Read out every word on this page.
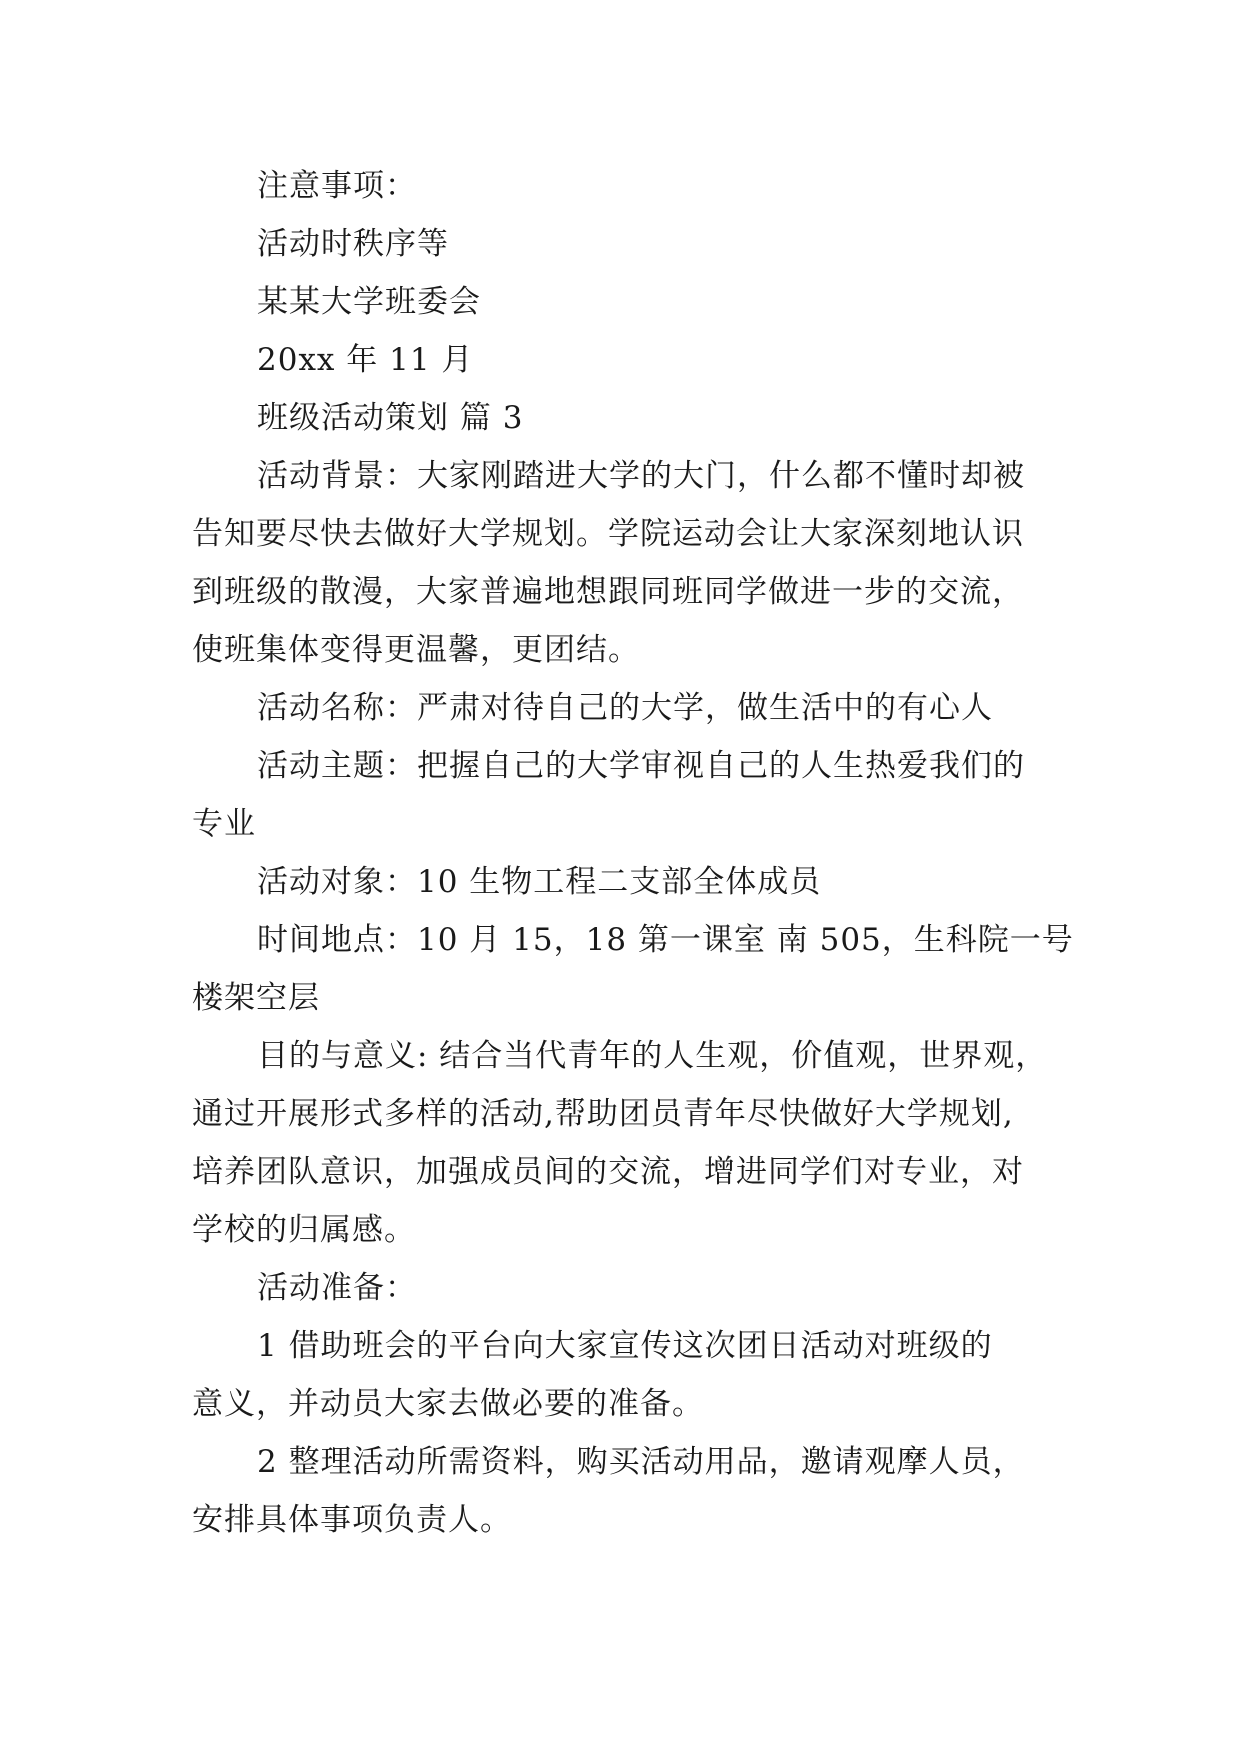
注意事项：
活动时秩序等
某某大学班委会
20xx 年 11 月
班级活动策划 篇 3
活动背景：大家刚踏进大学的大门，什么都不懂时却被
告知要尽快去做好大学规划。学院运动会让大家深刻地认识
到班级的散漫，大家普遍地想跟同班同学做进一步的交流，
使班集体变得更温馨，更团结。
活动名称：严肃对待自己的大学，做生活中的有心人
活动主题：把握自己的大学审视自己的人生热爱我们的
专业
活动对象：10 生物工程二支部全体成员
时间地点：10 月 15，18 第一课室 南 505，生科院一号
楼架空层
目的与意义: 结合当代青年的人生观，价值观，世界观，
通过开展形式多样的活动,帮助团员青年尽快做好大学规划,
培养团队意识，加强成员间的交流，增进同学们对专业，对
学校的归属感。
活动准备：
1 借助班会的平台向大家宣传这次团日活动对班级的
意义，并动员大家去做必要的准备。
2 整理活动所需资料，购买活动用品，邀请观摩人员，
安排具体事项负责人。
